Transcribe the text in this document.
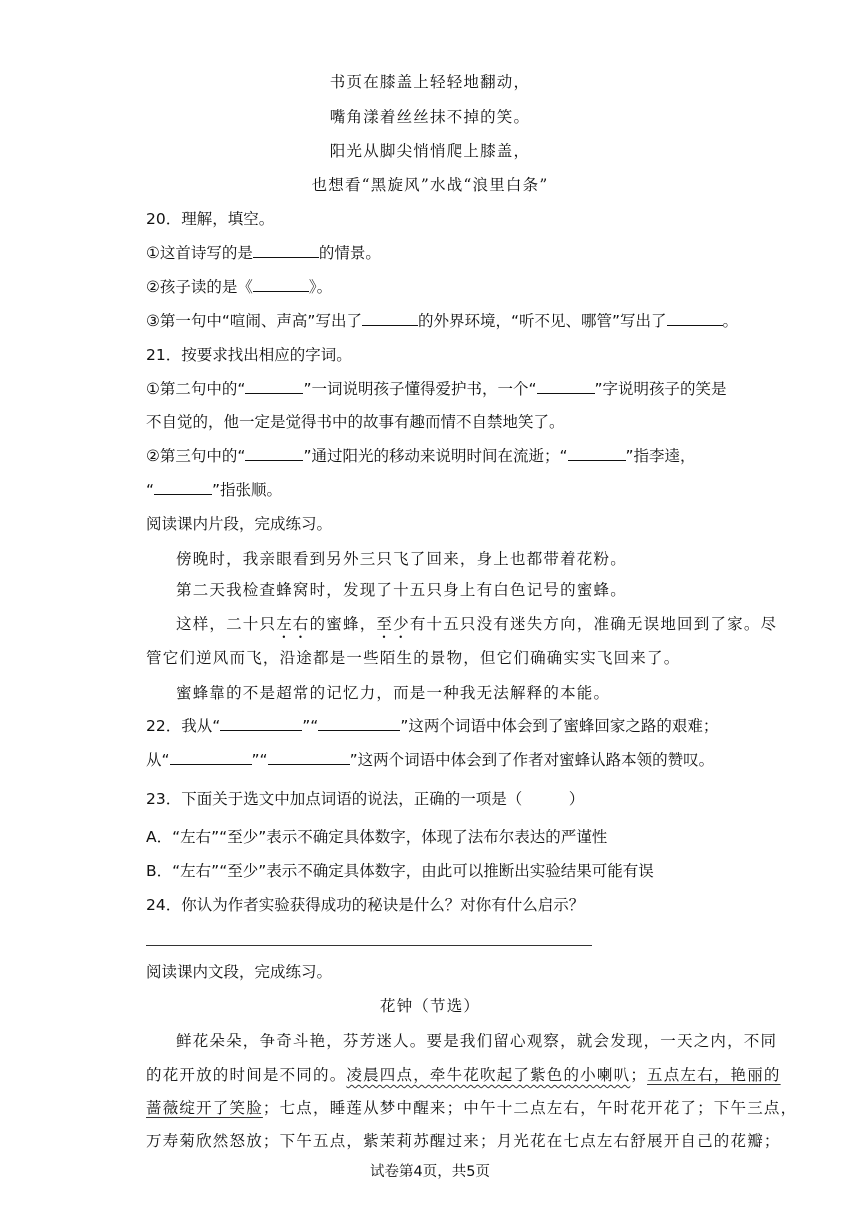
书页在膝盖上轻轻地翻动，
嘴角漾着丝丝抹不掉的笑。
阳光从脚尖悄悄爬上膝盖，
也想看“黑旋风”水战“浪里白条”
20．理解，填空。
①这首诗写的是	的情景。
②孩子读的是《	》。
③第一句中“喧闹、声高”写出了	的外界环境，“听不见、哪管”写出了	。
21．按要求找出相应的字词。
①第二句中的“	”一词说明孩子懂得爱护书，一个“	”字说明孩子的笑是
不自觉的，他一定是觉得书中的故事有趣而情不自禁地笑了。
②第三句中的“	”通过阳光的移动来说明时间在流逝；“	”指李逵，
“	”指张顺。
阅读课内片段，完成练习。
傍晚时，我亲眼看到另外三只飞了回来，身上也都带着花粉。
第二天我检查蜂窝时，发现了十五只身上有白色记号的蜜蜂。
这样，二十只左右的蜜蜂，至少有十五只没有迷失方向，准确无误地回到了家。尽
管它们逆风而飞，沿途都是一些陌生的景物，但它们确确实实飞回来了。
蜜蜂靠的不是超常的记忆力，而是一种我无法解释的本能。
22．我从“	”“	”这两个词语中体会到了蜜蜂回家之路的艰难；
从“	”“	”这两个词语中体会到了作者对蜜蜂认路本领的赞叹。
23．下面关于选文中加点词语的说法，正确的一项是（　　　）
A．“左右”“至少”表示不确定具体数字，体现了法布尔表达的严谨性
B．“左右”“至少”表示不确定具体数字，由此可以推断出实验结果可能有误
24．你认为作者实验获得成功的秘诀是什么？对你有什么启示？
阅读课内文段，完成练习。
花钟（节选）
鲜花朵朵，争奇斗艳，芬芳迷人。要是我们留心观察，就会发现，一天之内，不同
的花开放的时间是不同的。凌晨四点，牵牛花吹起了紫色的小喇叭；五点左右，艳丽的
蔷薇绽开了笑脸；七点，睡莲从梦中醒来；中午十二点左右，午时花开花了；下午三点，
万寿菊欣然怒放；下午五点，紫茉莉苏醒过来；月光花在七点左右舒展开自己的花瓣；
试卷第4页，共5页
